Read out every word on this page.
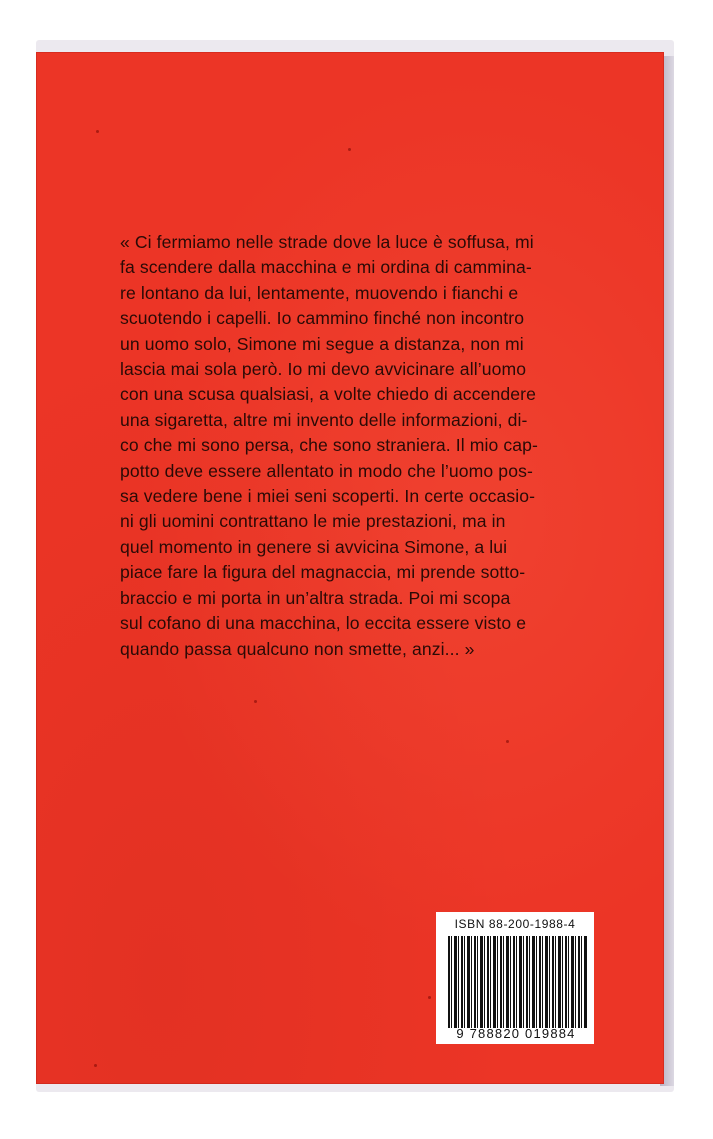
« Ci fermiamo nelle strade dove la luce è soffusa, mi
fa scendere dalla macchina e mi ordina di cammina-
re lontano da lui, lentamente, muovendo i fianchi e
scuotendo i capelli. Io cammino finché non incontro
un uomo solo, Simone mi segue a distanza, non mi
lascia mai sola però. Io mi devo avvicinare all’uomo
con una scusa qualsiasi, a volte chiedo di accendere
una sigaretta, altre mi invento delle informazioni, di-
co che mi sono persa, che sono straniera. Il mio cap-
potto deve essere allentato in modo che l’uomo pos-
sa vedere bene i miei seni scoperti. In certe occasio-
ni gli uomini contrattano le mie prestazioni, ma in
quel momento in genere si avvicina Simone, a lui
piace fare la figura del magnaccia, mi prende sotto-
braccio e mi porta in un’altra strada. Poi mi scopa
sul cofano di una macchina, lo eccita essere visto e
quando passa qualcuno non smette, anzi... »

ISBN 88-200-1988-4
9 788820 019884
